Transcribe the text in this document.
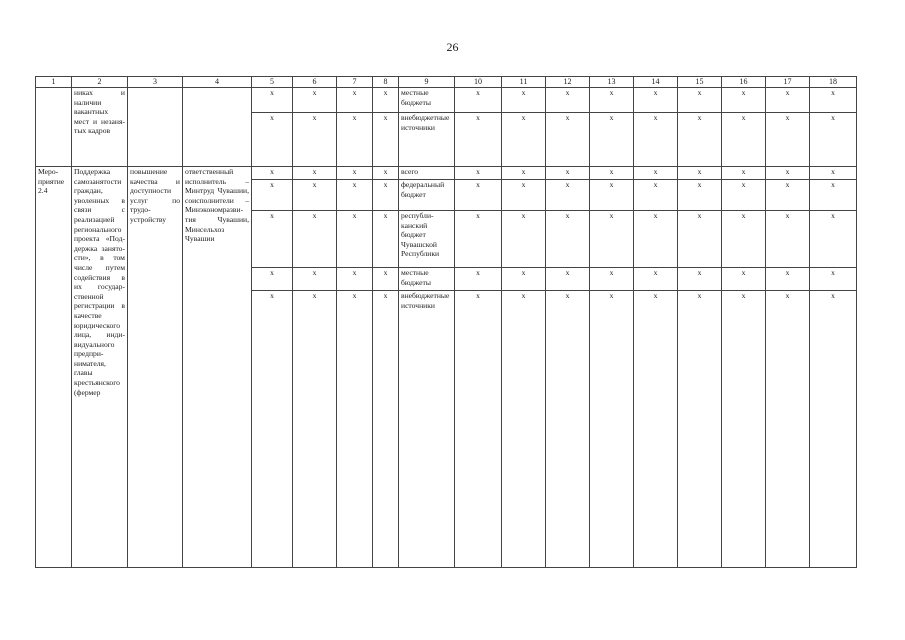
26
1	2	3	4	5	6	7	8	9	10	11	12	13	14	15	16	17	18
	никах и наличии вакантных мест и незанятых кадров			х	х	х	х	местные бюджеты	х	х	х	х	х	х	х	х	х
				х	х	х	х	внебюджетные источники	х	х	х	х	х	х	х	х	х
Мероприятие 2.4	Поддержка самозанятости граждан, уволенных в связи с реализацией регионального проекта «Поддержка занятости», в том числе путем содействия в их государственной регистрации в качестве юридического лица, индивидуального предпринимателя, главы крестьянского (фермер	повышение качества и доступности услуг по трудоустройству	ответственный исполнитель – Минтруд Чувашии, соисполнители – Минэкономразвития Чувашии, Минсельхоз Чувашии	х	х	х	х	всего	х	х	х	х	х	х	х	х	х
				х	х	х	х	федеральный бюджет	х	х	х	х	х	х	х	х	х
				х	х	х	х	республиканский бюджет Чувашской Республики	х	х	х	х	х	х	х	х	х
				х	х	х	х	местные бюджеты	х	х	х	х	х	х	х	х	х
				х	х	х	х	внебюджетные источники	х	х	х	х	х	х	х	х	х
